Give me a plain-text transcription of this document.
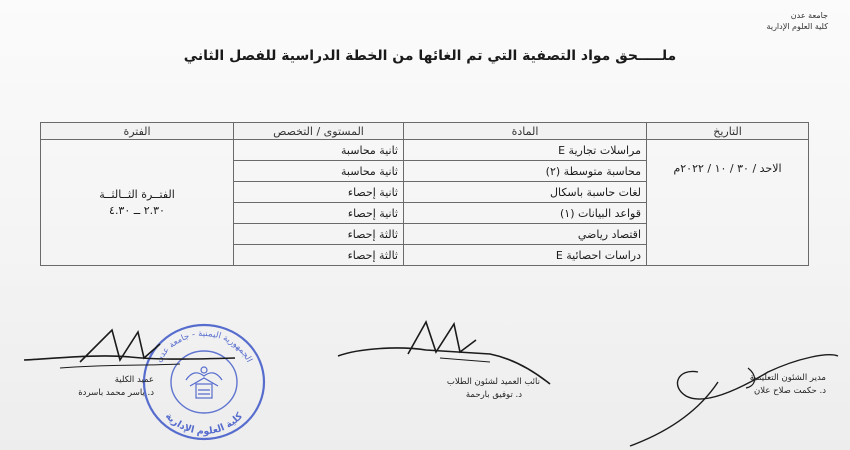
جامعة عدن
كلية العلوم الإدارية
ملـــــحق مواد التصفية التي تم الغائها من الخطة الدراسية للفصل الثاني
التاريخ	المادة	المستوى / التخصص	الفترة
الاحد / ٣٠ / ١٠ / ٢٠٢٢م	مراسلات تجارية E	ثانية محاسبة	الفتــرة الثــالثــة
٢.٣٠ ــ ٤.٣٠

	محاسبة متوسطة (٢)	ثانية محاسبة	
	لغات حاسبة باسكال	ثانية إحصاء	
	قواعد البيانات (١)	ثانية إحصاء	
	اقتصاد رياضي	ثالثة إحصاء	
	دراسات احصائية E	ثالثة إحصاء	
الجمهورية اليمنية - جامعة عدن
كلية العلوم الإدارية
عميد الكلية
د. ياسر محمد باسردة
نائب العميد لشئون الطلاب
د. توفيق بارحمة
مدير الشئون التعليمية
د. حكمت صلاح علان
